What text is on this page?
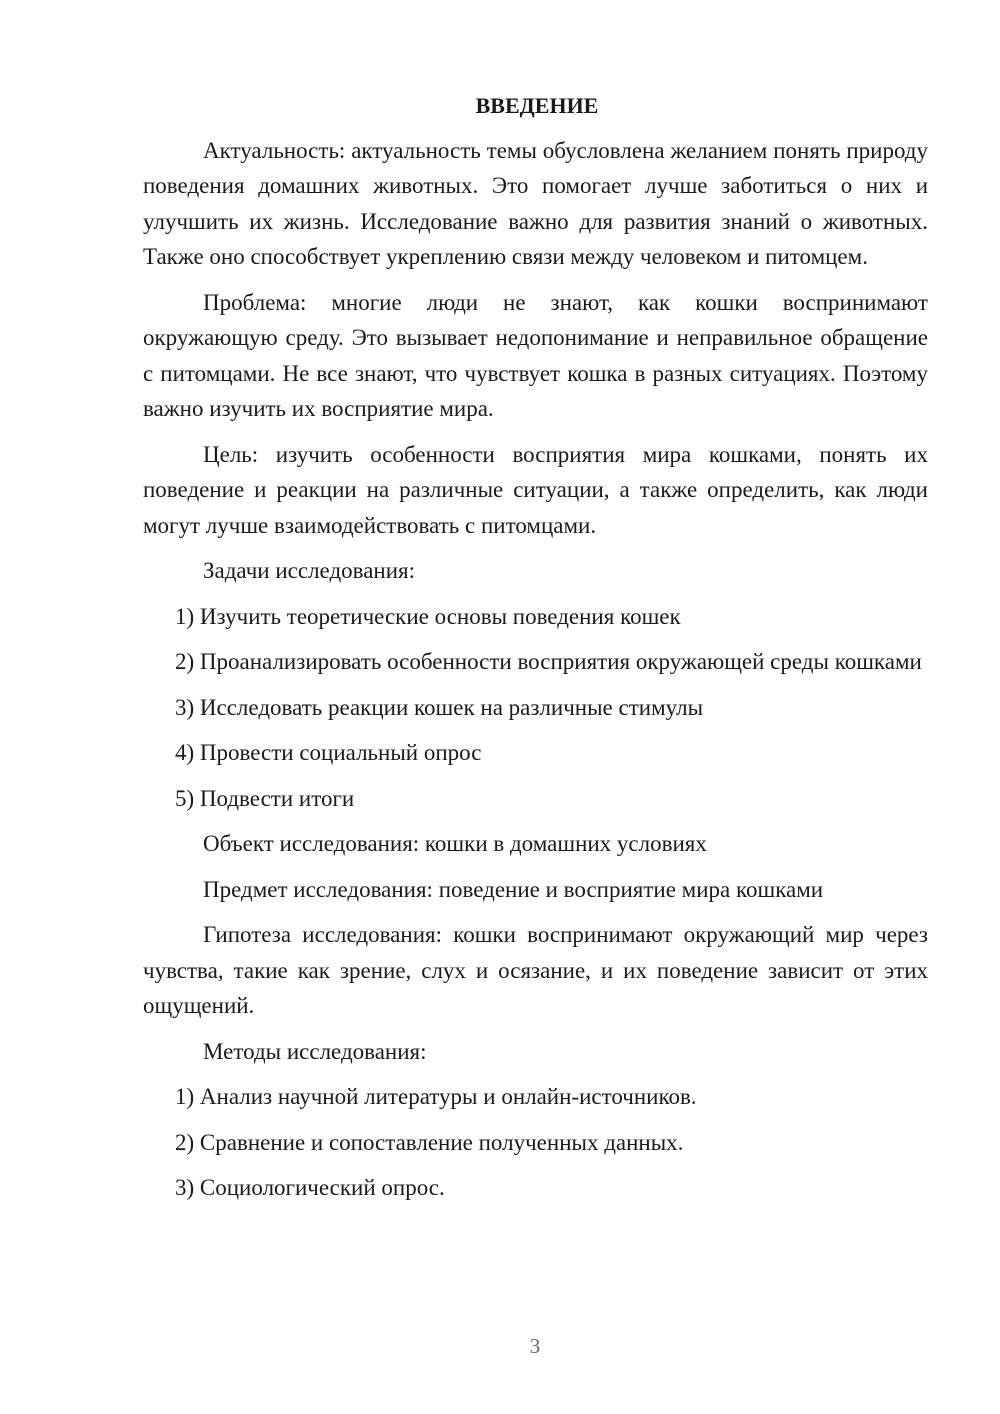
ВВЕДЕНИЕ

Актуальность: актуальность темы обусловлена желанием понять природу поведения домашних животных. Это помогает лучше заботиться о них и улучшить их жизнь. Исследование важно для развития знаний о животных. Также оно способствует укреплению связи между человеком и питомцем.

Проблема: многие люди не знают, как кошки воспринимают окружающую среду. Это вызывает недопонимание и неправильное обращение с питомцами. Не все знают, что чувствует кошка в разных ситуациях. Поэтому важно изучить их восприятие мира.

Цель: изучить особенности восприятия мира кошками, понять их поведение и реакции на различные ситуации, а также определить, как люди могут лучше взаимодействовать с питомцами.

Задачи исследования:

1) Изучить теоретические основы поведения кошек

2) Проанализировать особенности восприятия окружающей среды кошками

3) Исследовать реакции кошек на различные стимулы

4) Провести социальный опрос

5) Подвести итоги

Объект исследования: кошки в домашних условиях

Предмет исследования: поведение и восприятие мира кошками

Гипотеза исследования: кошки воспринимают окружающий мир через чувства, такие как зрение, слух и осязание, и их поведение зависит от этих ощущений.

Методы исследования:

1) Анализ научной литературы и онлайн-источников.

2) Сравнение и сопоставление полученных данных.

3) Социологический опрос.

3
